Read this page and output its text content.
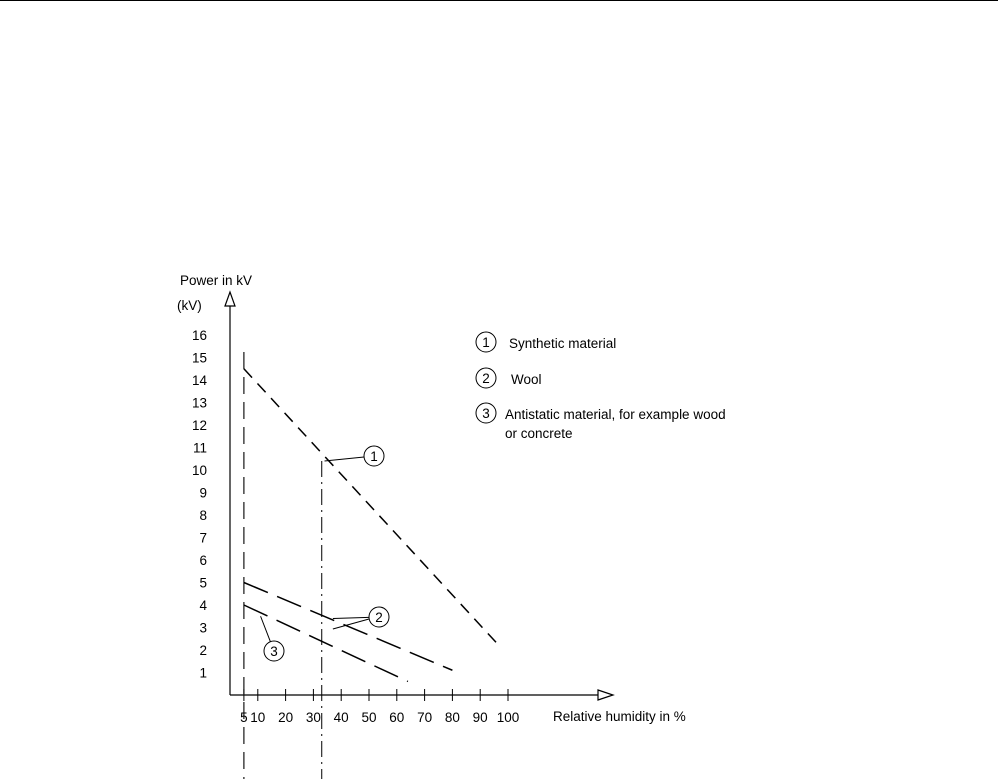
1
2
3
4
5
6
7
8
9
10
11
12
13
14
15
16
5 10 20 30 40 50 60 70 80 90 100
1
2
3
1 Synthetic material
2 Wool
3 Antistatic material, for example wood
or concrete
Power in kV
(kV)
Relative humidity in %
